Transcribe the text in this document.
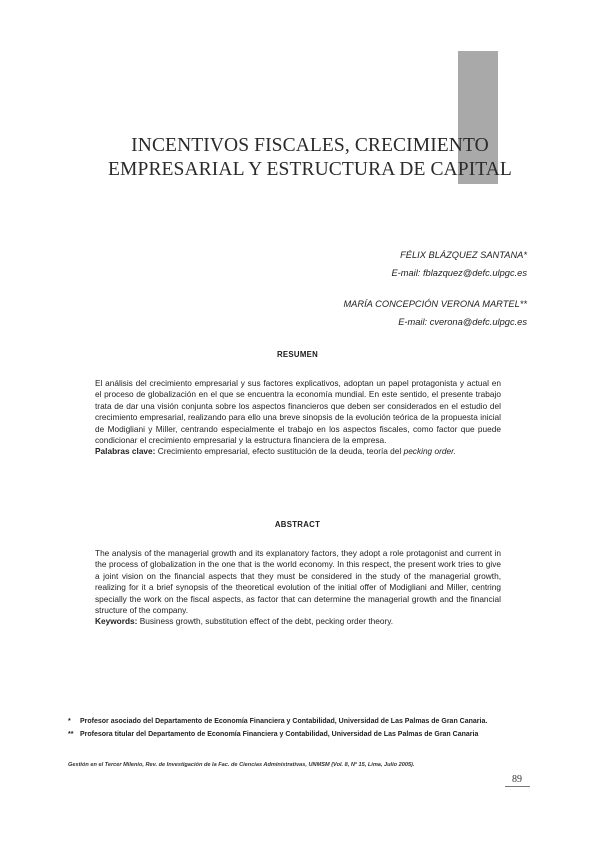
INCENTIVOS FISCALES, CRECIMIENTO
EMPRESARIAL Y ESTRUCTURA DE CAPITAL
FÉLIX BLÁZQUEZ SANTANA*
E-mail: fblazquez@defc.ulpgc.es
MARÍA CONCEPCIÓN VERONA MARTEL**
E-mail: cverona@defc.ulpgc.es
RESUMEN
El análisis del crecimiento empresarial y sus factores explicativos, adoptan un papel protagonista y actual en el proceso de globalización en el que se encuentra la economía mundial. En este sentido, el presente trabajo trata de dar una visión conjunta sobre los aspectos financieros que deben ser considerados en el estudio del crecimiento empresarial, realizando para ello una breve sinopsis de la evolución teórica de la propuesta inicial de Modigliani y Miller, centrando especialmente el trabajo en los aspectos fiscales, como factor que puede condicionar el crecimiento empresarial y la estructura financiera de la empresa.
Palabras clave: Crecimiento empresarial, efecto sustitución de la deuda, teoría del pecking order.
ABSTRACT
The analysis of the managerial growth and its explanatory factors, they adopt a role protagonist and current in the process of globalization in the one that is the world economy. In this respect, the present work tries to give a joint vision on the financial aspects that they must be considered in the study of the managerial growth, realizing for it a brief synopsis of the theoretical evolution of the initial offer of Modigliani and Miller, centring specially the work on the fiscal aspects, as factor that can determine the managerial growth and the financial structure of the company.
Keywords: Business growth, substitution effect of the debt, pecking order theory.
* Profesor asociado del Departamento de Economía Financiera y Contabilidad, Universidad de Las Palmas de Gran Canaria.
** Profesora titular del Departamento de Economía Financiera y Contabilidad, Universidad de Las Palmas de Gran Canaria
Gestión en el Tercer Milenio, Rev. de Investigación de la Fac. de Ciencias Administrativas, UNMSM (Vol. 8, Nº 15, Lima, Julio 2005).
89
